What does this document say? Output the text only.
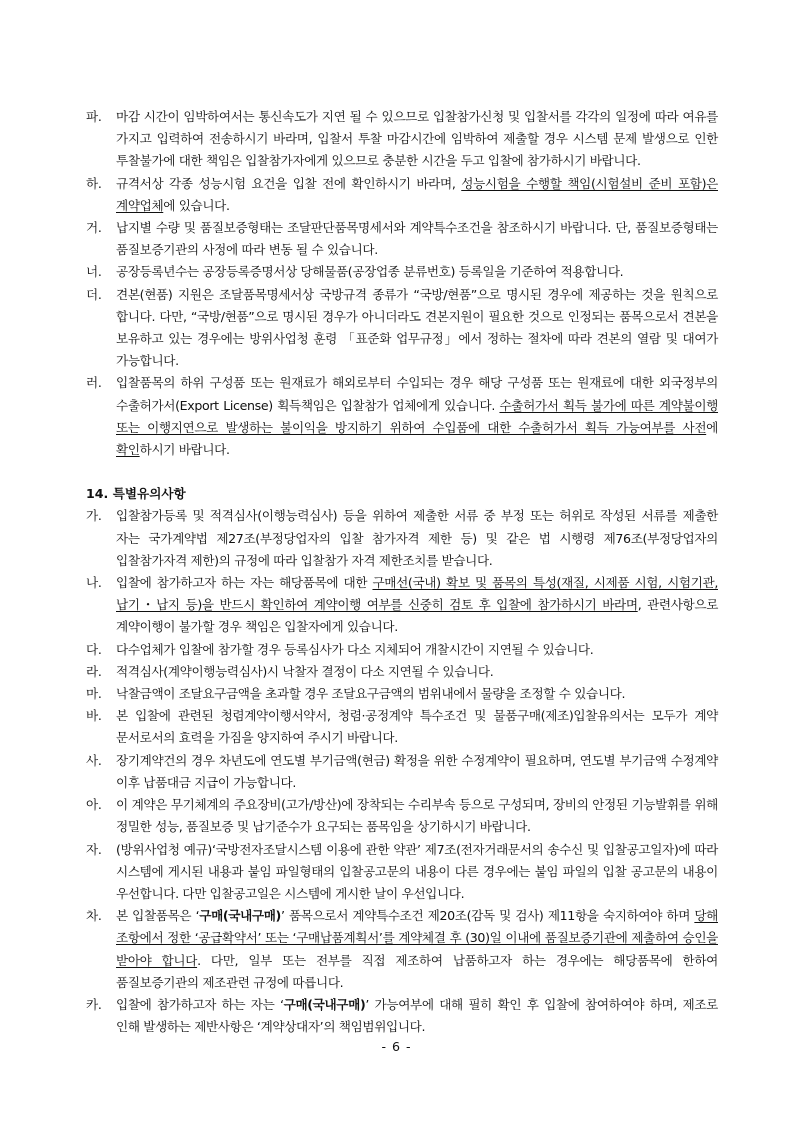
파. 마감 시간이 임박하여서는 통신속도가 지연 될 수 있으므로 입찰참가신청 및 입찰서를 각각의 일정에 따라 여유를 가지고 입력하여 전송하시기 바라며, 입찰서 투찰 마감시간에 임박하여 제출할 경우 시스템 문제 발생으로 인한 투찰불가에 대한 책임은 입찰참가자에게 있으므로 충분한 시간을 두고 입찰에 참가하시기 바랍니다.
하. 규격서상 각종 성능시험 요건을 입찰 전에 확인하시기 바라며, 성능시험을 수행할 책임(시험설비 준비 포함)은 계약업체에 있습니다.
거. 납지별 수량 및 품질보증형태는 조달판단품목명세서와 계약특수조건을 참조하시기 바랍니다. 단, 품질보증형태는 품질보증기관의 사정에 따라 변동 될 수 있습니다.
너. 공장등록년수는 공장등록증명서상 당해물품(공장업종 분류번호) 등록일을 기준하여 적용합니다.
더. 견본(현품) 지원은 조달품목명세서상 국방규격 종류가 “국방/현품”으로 명시된 경우에 제공하는 것을 원칙으로 합니다. 다만, “국방/현품”으로 명시된 경우가 아니더라도 견본지원이 필요한 것으로 인정되는 품목으로서 견본을 보유하고 있는 경우에는 방위사업청 훈령 「표준화 업무규정」에서 정하는 절차에 따라 견본의 열람 및 대여가 가능합니다.
러. 입찰품목의 하위 구성품 또는 원재료가 해외로부터 수입되는 경우 해당 구성품 또는 원재료에 대한 외국정부의 수출허가서(Export License) 획득책임은 입찰참가 업체에게 있습니다. 수출허가서 획득 불가에 따른 계약불이행 또는 이행지연으로 발생하는 불이익을 방지하기 위하여 수입품에 대한 수출허가서 획득 가능여부를 사전에 확인하시기 바랍니다.
14. 특별유의사항
가. 입찰참가등록 및 적격심사(이행능력심사) 등을 위하여 제출한 서류 중 부정 또는 허위로 작성된 서류를 제출한 자는 국가계약법 제27조(부정당업자의 입찰 참가자격 제한 등) 및 같은 법 시행령 제76조(부정당업자의 입찰참가자격 제한)의 규정에 따라 입찰참가 자격 제한조치를 받습니다.
나. 입찰에 참가하고자 하는 자는 해당품목에 대한 구매선(국내) 확보 및 품목의 특성(재질, 시제품 시험, 시험기관, 납기・납지 등)을 반드시 확인하여 계약이행 여부를 신중히 검토 후 입찰에 참가하시기 바라며, 관련사항으로 계약이행이 불가할 경우 책임은 입찰자에게 있습니다.
다. 다수업체가 입찰에 참가할 경우 등록심사가 다소 지체되어 개찰시간이 지연될 수 있습니다.
라. 적격심사(계약이행능력심사)시 낙찰자 결정이 다소 지연될 수 있습니다.
마. 낙찰금액이 조달요구금액을 초과할 경우 조달요구금액의 범위내에서 물량을 조정할 수 있습니다.
바. 본 입찰에 관련된 청렴계약이행서약서, 청렴·공정계약 특수조건 및 물품구매(제조)입찰유의서는 모두가 계약 문서로서의 효력을 가짐을 양지하여 주시기 바랍니다.
사. 장기계약건의 경우 차년도에 연도별 부기금액(현금) 확정을 위한 수정계약이 필요하며, 연도별 부기금액 수정계약 이후 납품대금 지급이 가능합니다.
아. 이 계약은 무기체계의 주요장비(고가/방산)에 장착되는 수리부속 등으로 구성되며, 장비의 안정된 기능발휘를 위해 정밀한 성능, 품질보증 및 납기준수가 요구되는 품목임을 상기하시기 바랍니다.
자. (방위사업청 예규)‘국방전자조달시스템 이용에 관한 약관’ 제7조(전자거래문서의 송수신 및 입찰공고일자)에 따라 시스템에 게시된 내용과 붙임 파일형태의 입찰공고문의 내용이 다른 경우에는 붙임 파일의 입찰 공고문의 내용이 우선합니다. 다만 입찰공고일은 시스템에 게시한 날이 우선입니다.
차. 본 입찰품목은 ‘구매(국내구매)’ 품목으로서 계약특수조건 제20조(감독 및 검사) 제11항을 숙지하여야 하며 당해 조항에서 정한 ‘공급확약서’ 또는 ‘구매납품계획서’를 계약체결 후 (30)일 이내에 품질보증기관에 제출하여 승인을 받아야 합니다. 다만, 일부 또는 전부를 직접 제조하여 납품하고자 하는 경우에는 해당품목에 한하여 품질보증기관의 제조관련 규정에 따릅니다.
카. 입찰에 참가하고자 하는 자는 ‘구매(국내구매)’ 가능여부에 대해 필히 확인 후 입찰에 참여하여야 하며, 제조로 인해 발생하는 제반사항은 ‘계약상대자’의 책임범위입니다.
- 6 -
